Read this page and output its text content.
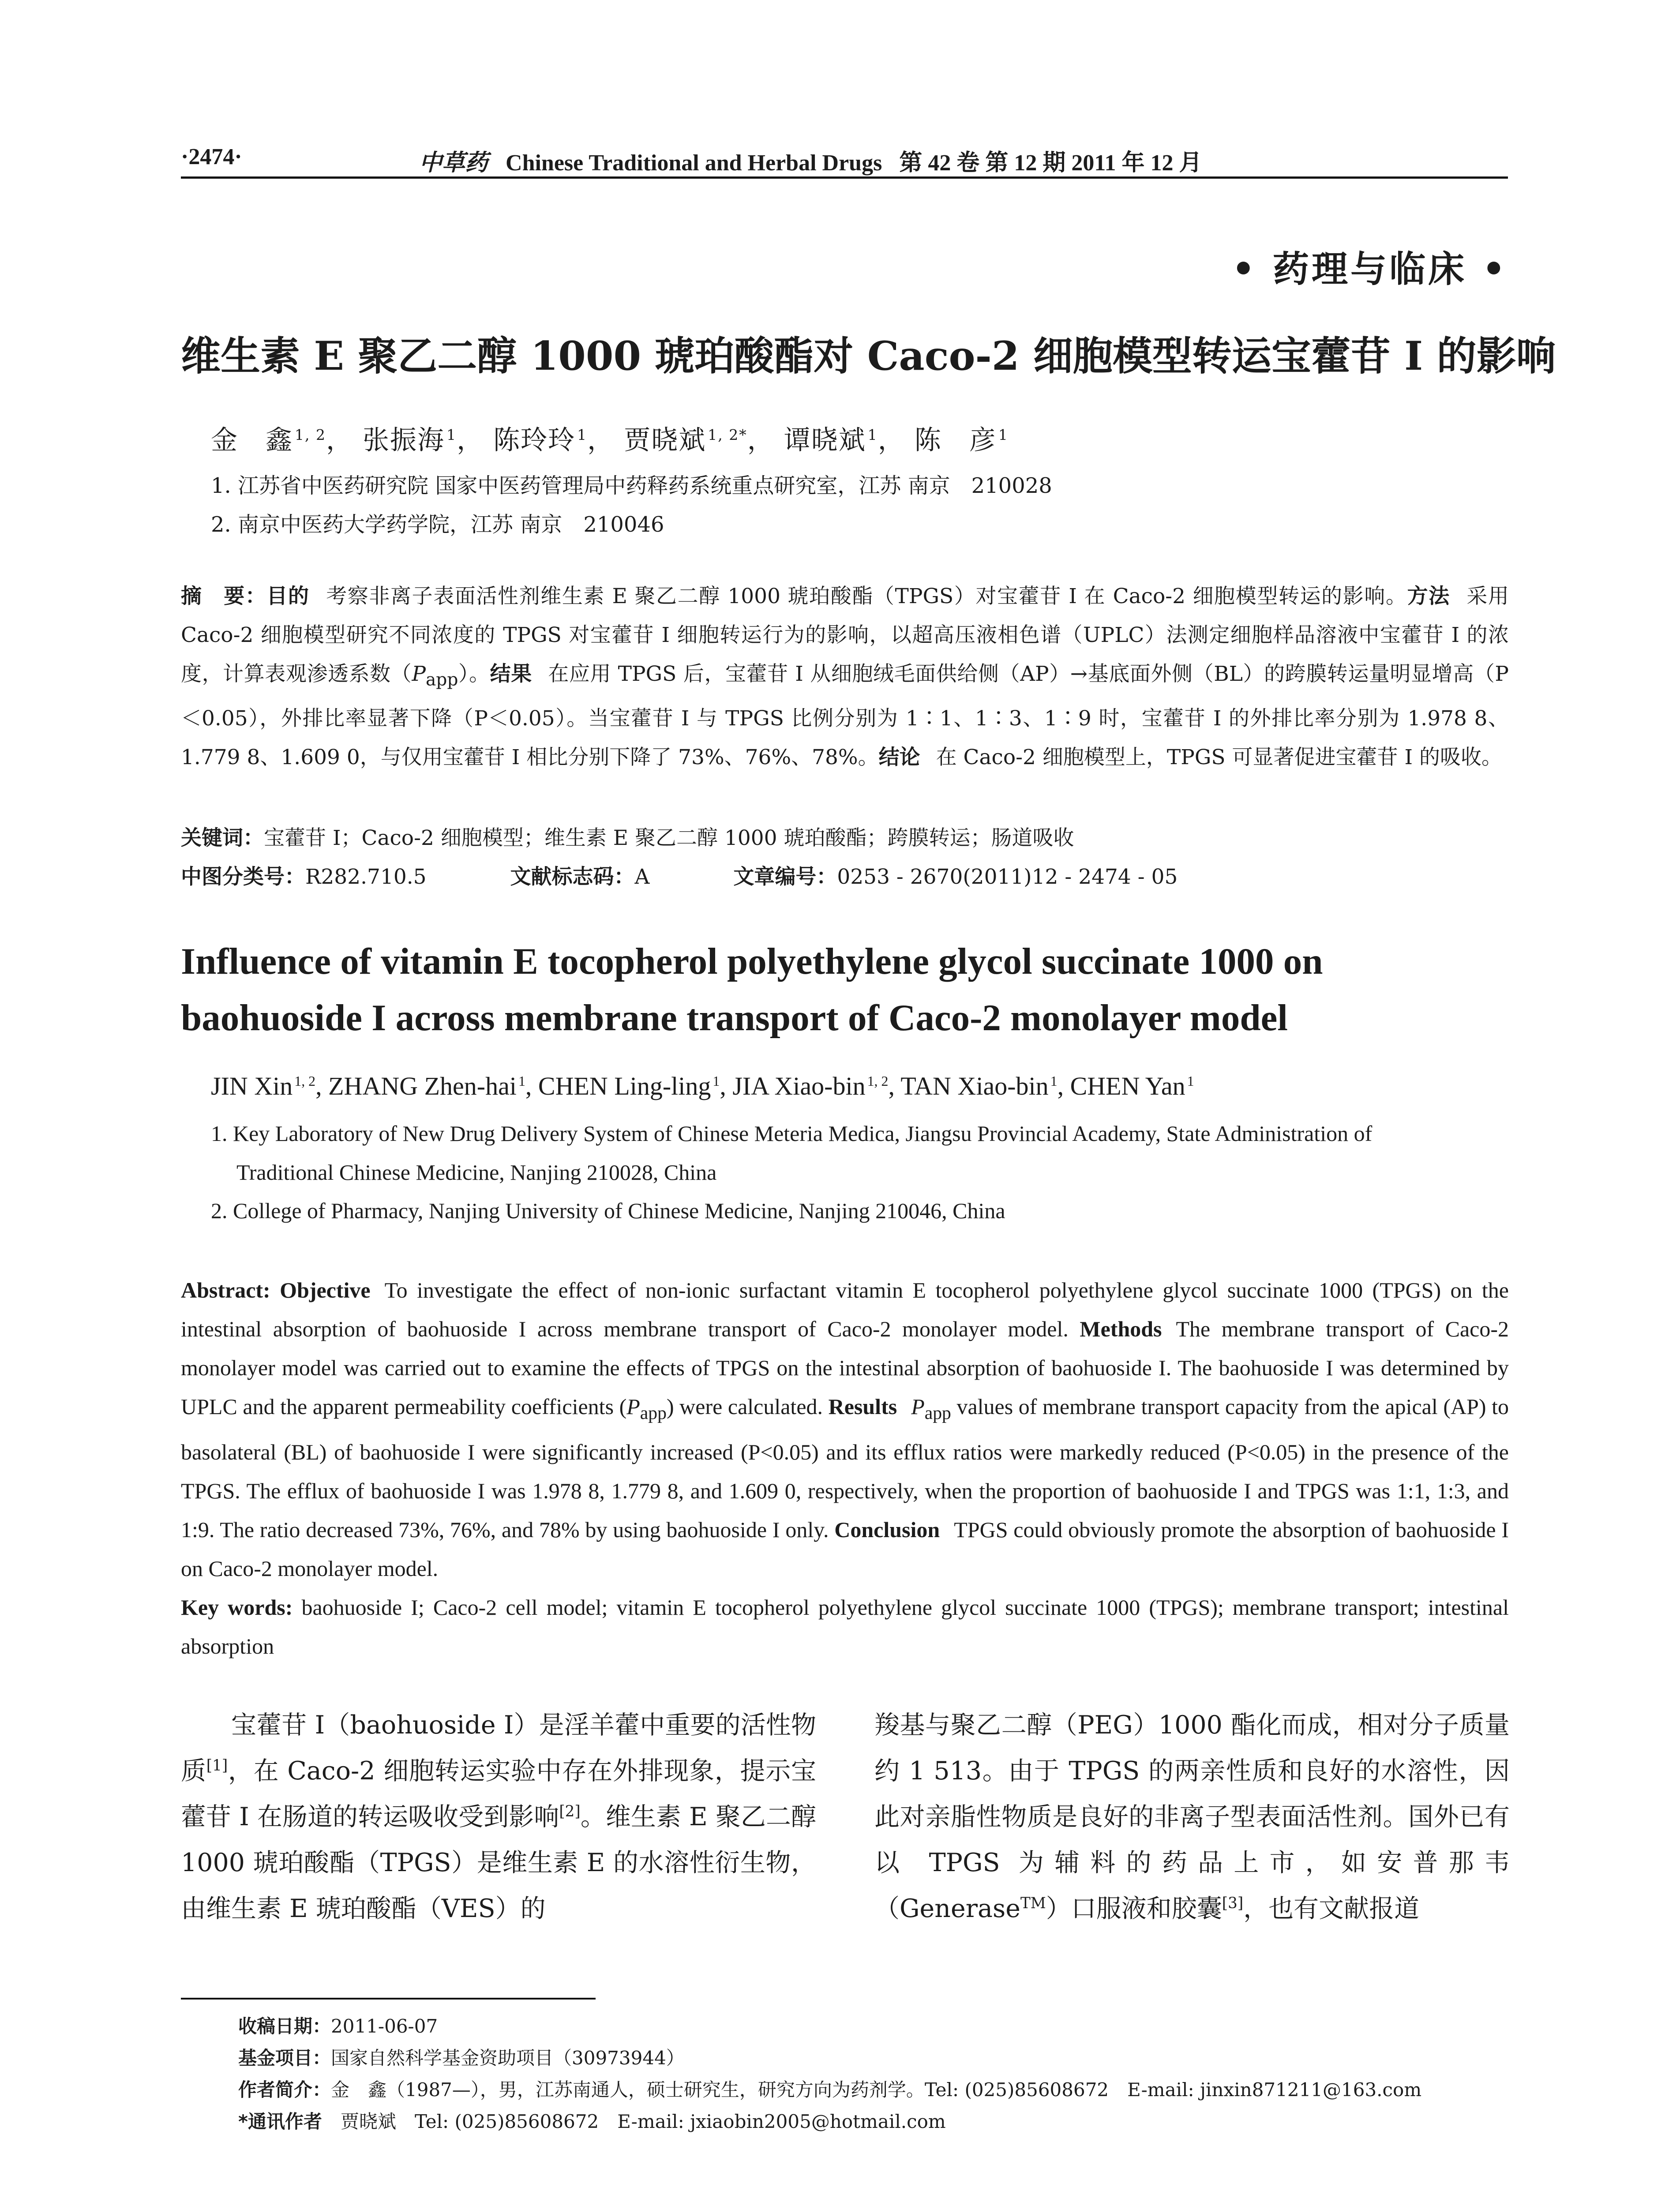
·2474·	中草药 Chinese Traditional and Herbal Drugs 第 42 卷 第 12 期 2011 年 12 月
• 药理与临床 •
维生素 E 聚乙二醇 1000 琥珀酸酯对 Caco-2 细胞模型转运宝藿苷 I 的影响
金　鑫 $^{1, 2}$， 张振海 $^1$， 陈玲玲 $^1$， 贾晓斌 $^{1, 2*}$， 谭晓斌 $^1$， 陈　彦 $^1$
1. 江苏省中医药研究院 国家中医药管理局中药释药系统重点研究室，江苏 南京　210028
2. 南京中医药大学药学院，江苏 南京　210046
摘　要：目的 考察非离子表面活性剂维生素 E 聚乙二醇 1000 琥珀酸酯（TPGS）对宝藿苷 I 在 Caco-2 细胞模型转运的影响。方法 采用 Caco-2 细胞模型研究不同浓度的 TPGS 对宝藿苷 I 细胞转运行为的影响，以超高压液相色谱（UPLC）法测定细胞样品溶液中宝藿苷 I 的浓度，计算表观渗透系数$(P_{app})$。结果 在应用 TPGS 后，宝藿苷 I 从细胞绒毛面供给侧（AP）→基底面外侧（BL）的跨膜转运量明显增高（P＜0.05），外排比率显著下降（P＜0.05）。当宝藿苷 I 与 TPGS 比例分别为 1∶1、1∶3、1∶9 时，宝藿苷 I 的外排比率分别为 1.978 8、1.779 8、1.609 0，与仅用宝藿苷 I 相比分别下降了 73%、76%、78%。结论 在 Caco-2 细胞模型上，TPGS 可显著促进宝藿苷 I 的吸收。
关键词：宝藿苷 I；Caco-2 细胞模型；维生素 E 聚乙二醇 1000 琥珀酸酯；跨膜转运；肠道吸收
中图分类号：R282.710.5	文献标志码：A	文章编号：0253 - 2670(2011)12 - 2474 - 05
Influence of vitamin E tocopherol polyethylene glycol succinate 1000 on baohuoside I across membrane transport of Caco-2 monolayer model
JIN Xin $^{1, 2}$, ZHANG Zhen-hai $^1$, CHEN Ling-ling $^1$, JIA Xiao-bin $^{1, 2}$, TAN Xiao-bin $^1$, CHEN Yan $^1$
1. Key Laboratory of New Drug Delivery System of Chinese Meteria Medica, Jiangsu Provincial Academy, State Administration of
Traditional Chinese Medicine, Nanjing 210028, China
2. College of Pharmacy, Nanjing University of Chinese Medicine, Nanjing 210046, China
Abstract: Objective To investigate the effect of non-ionic surfactant vitamin E tocopherol polyethylene glycol succinate 1000 (TPGS) on the intestinal absorption of baohuoside I across membrane transport of Caco-2 monolayer model. Methods The membrane transport of Caco-2 monolayer model was carried out to examine the effects of TPGS on the intestinal absorption of baohuoside I. The baohuoside I was determined by UPLC and the apparent permeability coefficients $(P_{app})$ were calculated. Results $P_{app}$ values of membrane transport capacity from the apical (AP) to basolateral (BL) of baohuoside I were significantly increased (P<0.05) and its efflux ratios were markedly reduced (P<0.05) in the presence of the TPGS. The efflux of baohuoside I was 1.978 8, 1.779 8, and 1.609 0, respectively, when the proportion of baohuoside I and TPGS was 1:1, 1:3, and 1:9. The ratio decreased 73%, 76%, and 78% by using baohuoside I only. Conclusion TPGS could obviously promote the absorption of baohuoside I on Caco-2 monolayer model.
Key words: baohuoside I; Caco-2 cell model; vitamin E tocopherol polyethylene glycol succinate 1000 (TPGS); membrane transport; intestinal absorption

宝藿苷 I（baohuoside I）是淫羊藿中重要的活性物质[1]，在 Caco-2 细胞转运实验中存在外排现象，提示宝藿苷 I 在肠道的转运吸收受到影响[2]。维生素 E 聚乙二醇 1000 琥珀酸酯（TPGS）是维生素 E 的水溶性衍生物，由维生素 E 琥珀酸酯（VES）的

羧基与聚乙二醇（PEG）1000 酯化而成，相对分子质量约 1 513。由于 TPGS 的两亲性质和良好的水溶性，因此对亲脂性物质是良好的非离子型表面活性剂。国外已有以 TPGS 为辅料的药品上市，如安普那韦（Generase™）口服液和胶囊[3]，也有文献报道

收稿日期：2011-06-07
基金项目：国家自然科学基金资助项目（30973944）
作者简介：金　鑫（1987—），男，江苏南通人，硕士研究生，研究方向为药剂学。Tel: (025)85608672　E-mail: jinxin871211@163.com
*通讯作者　 贾晓斌　Tel: (025)85608672　E-mail: jxiaobin2005@hotmail.com
